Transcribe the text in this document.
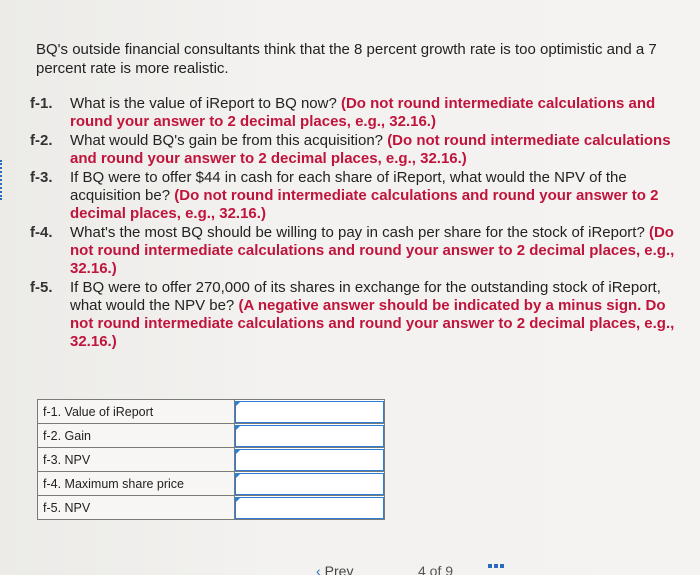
BQ's outside financial consultants think that the 8 percent growth rate is too optimistic and a 7 percent rate is more realistic.

f-1. What is the value of iReport to BQ now? (Do not round intermediate calculations and round your answer to 2 decimal places, e.g., 32.16.)
f-2. What would BQ's gain be from this acquisition? (Do not round intermediate calculations and round your answer to 2 decimal places, e.g., 32.16.)
f-3. If BQ were to offer $44 in cash for each share of iReport, what would the NPV of the acquisition be? (Do not round intermediate calculations and round your answer to 2 decimal places, e.g., 32.16.)
f-4. What's the most BQ should be willing to pay in cash per share for the stock of iReport? (Do not round intermediate calculations and round your answer to 2 decimal places, e.g., 32.16.)
f-5. If BQ were to offer 270,000 of its shares in exchange for the outstanding stock of iReport, what would the NPV be? (A negative answer should be indicated by a minus sign. Do not round intermediate calculations and round your answer to 2 decimal places, e.g., 32.16.)
f-1. Value of iReport	

f-2. Gain	

f-3. NPV	

f-4. Maximum share price	

f-5. NPV	
‹ Prev	4 of 9
